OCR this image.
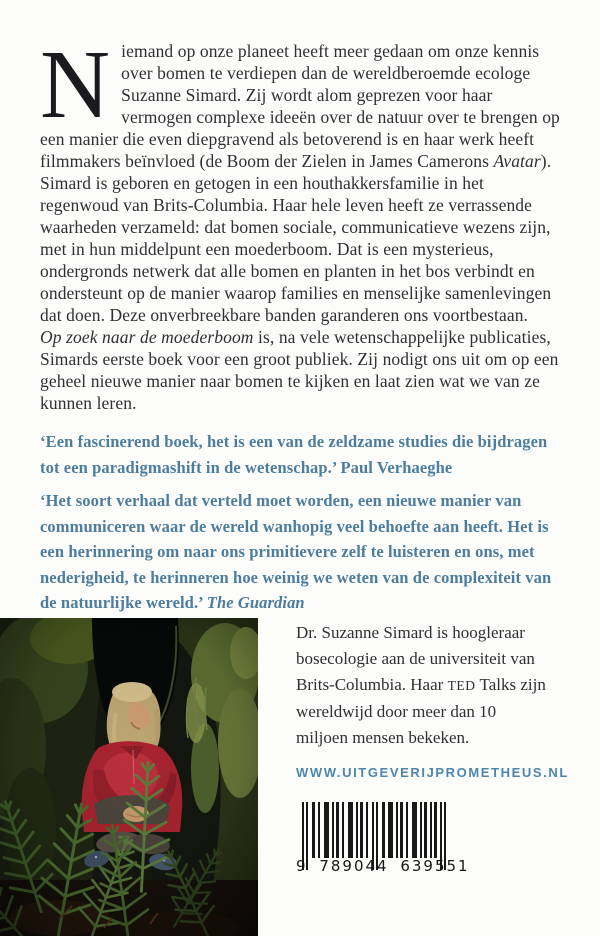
Niemand op onze planeet heeft meer gedaan om onze kennis over bomen te verdiepen dan de wereldberoemde ecologe Suzanne Simard. Zij wordt alom geprezen voor haar vermogen complexe ideeën over de natuur over te brengen op een manier die even diepgravend als betoverend is en haar werk heeft filmmakers beïnvloed (de Boom der Zielen in James Camerons Avatar). Simard is geboren en getogen in een houthakkersfamilie in het regenwoud van Brits-Columbia. Haar hele leven heeft ze verrassende waarheden verzameld: dat bomen sociale, communicatieve wezens zijn, met in hun middelpunt een moederboom. Dat is een mysterieus, ondergronds netwerk dat alle bomen en planten in het bos verbindt en ondersteunt op de manier waarop families en menselijke samenlevingen dat doen. Deze onverbreekbare banden garanderen ons voortbestaan.

Op zoek naar de moederboom is, na vele wetenschappelijke publicaties, Simards eerste boek voor een groot publiek. Zij nodigt ons uit om op een geheel nieuwe manier naar bomen te kijken en laat zien wat we van ze kunnen leren.

‘Een fascinerend boek, het is een van de zeldzame studies die bijdragen tot een paradigmashift in de wetenschap.’ Paul Verhaeghe

‘Het soort verhaal dat verteld moet worden, een nieuwe manier van communiceren waar de wereld wanhopig veel behoefte aan heeft. Het is een herinnering om naar ons primitievere zelf te luisteren en ons, met nederigheid, te herinneren hoe weinig we weten van de complexiteit van de natuurlijke wereld.’ The Guardian

Dr. Suzanne Simard is hoogleraar bosecologie aan de universiteit van Brits-Columbia. Haar TED Talks zijn wereldwijd door meer dan 10 miljoen mensen bekeken.

WWW.UITGEVERIJPROMETHEUS.NL
9 789044 639551
